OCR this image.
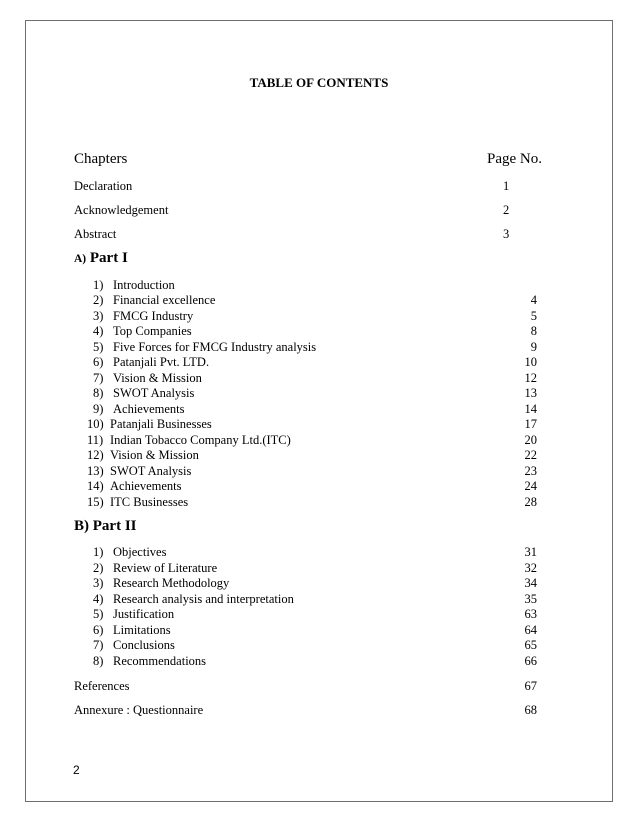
TABLE OF CONTENTS
Chapters	Page No.
Declaration	1
Acknowledgement	2
Abstract	3
A) Part I
1) Introduction
2) Financial excellence	4
3) FMCG Industry	5
4) Top Companies	8
5) Five Forces for FMCG Industry analysis	9
6) Patanjali Pvt. LTD.	10
7) Vision & Mission	12
8) SWOT Analysis	13
9) Achievements	14
10) Patanjali Businesses	17
11) Indian Tobacco Company Ltd.(ITC)	20
12) Vision & Mission	22
13) SWOT Analysis	23
14) Achievements	24
15) ITC Businesses	28
B) Part II
1) Objectives	31
2) Review of Literature	32
3) Research Methodology	34
4) Research analysis and interpretation	35
5) Justification	63
6) Limitations	64
7) Conclusions	65
8) Recommendations	66
References	67
Annexure : Questionnaire	68
2
